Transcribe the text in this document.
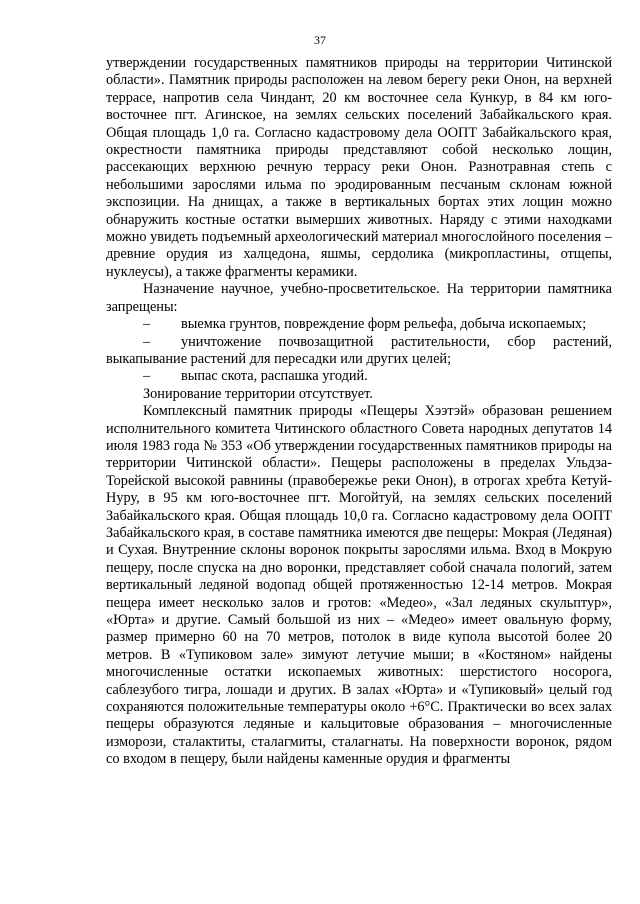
37

утверждении государственных памятников природы на территории Читинской области». Памятник природы расположен на левом берегу реки Онон, на верхней террасе, напротив села Чиндант, 20 км восточнее села Кункур, в 84 км юго-восточнее пгт. Агинское, на землях сельских поселений Забайкальского края. Общая площадь 1,0 га. Согласно кадастровому дела ООПТ Забайкальского края, окрестности памятника природы представляют собой несколько лощин, рассекающих верхнюю речную террасу реки Онон. Разнотравная степь с небольшими зарослями ильма по эродированным песчаным склонам южной экспозиции. На днищах, а также в вертикальных бортах этих лощин можно обнаружить костные остатки вымерших животных. Наряду с этими находками можно увидеть подъемный археологический материал многослойного поселения – древние орудия из халцедона, яшмы, сердолика (микропластины, отщепы, нуклеусы), а также фрагменты керамики.

Назначение научное, учебно-просветительское. На территории памятника запрещены:

– выемка грунтов, повреждение форм рельефа, добыча ископаемых;

– уничтожение почвозащитной растительности, сбор растений, выкапывание растений для пересадки или других целей;

– выпас скота, распашка угодий.

Зонирование территории отсутствует.

Комплексный памятник природы «Пещеры Хээтэй» образован решением исполнительного комитета Читинского областного Совета народных депутатов 14 июля 1983 года № 353 «Об утверждении государственных памятников природы на территории Читинской области». Пещеры расположены в пределах Ульдза-Торейской высокой равнины (правобережье реки Онон), в отрогах хребта Кетуй-Нуру, в 95 км юго-восточнее пгт. Могойтуй, на землях сельских поселений Забайкальского края. Общая площадь 10,0 га. Согласно кадастровому дела ООПТ Забайкальского края, в составе памятника имеются две пещеры: Мокрая (Ледяная) и Сухая. Внутренние склоны воронок покрыты зарослями ильма. Вход в Мокрую пещеру, после спуска на дно воронки, представляет собой сначала пологий, затем вертикальный ледяной водопад общей протяженностью 12-14 метров. Мокрая пещера имеет несколько залов и гротов: «Медео», «Зал ледяных скульптур», «Юрта» и другие. Самый большой из них – «Медео» имеет овальную форму, размер примерно 60 на 70 метров, потолок в виде купола высотой более 20 метров. В «Тупиковом зале» зимуют летучие мыши; в «Костяном» найдены многочисленные остатки ископаемых животных: шерстистого носорога, саблезубого тигра, лошади и других. В залах «Юрта» и «Тупиковый» целый год сохраняются положительные температуры около +6°С. Практически во всех залах пещеры образуются ледяные и кальцитовые образования – многочисленные изморози, сталактиты, сталагмиты, сталагнаты. На поверхности воронок, рядом со входом в пещеру, были найдены каменные орудия и фрагменты
